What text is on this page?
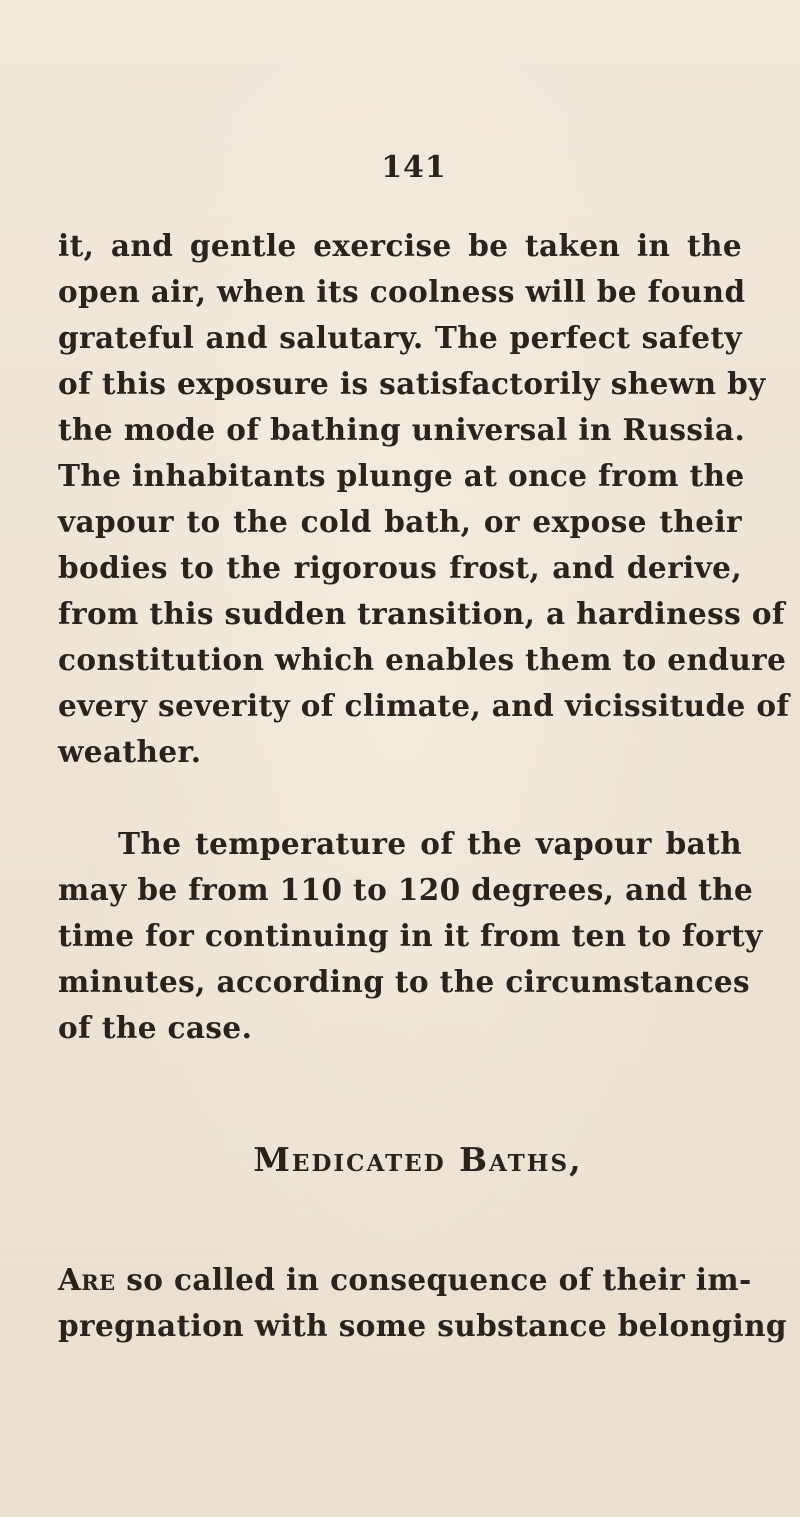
141
it, and gentle exercise be taken in the
open air, when its coolness will be found
grateful and salutary. The perfect safety
of this exposure is satisfactorily shewn by
the mode of bathing universal in Russia.
The inhabitants plunge at once from the
vapour to the cold bath, or expose their
bodies to the rigorous frost, and derive,
from this sudden transition, a hardiness of
constitution which enables them to endure
every severity of climate, and vicissitude of
weather.
The temperature of the vapour bath
may be from 110 to 120 degrees, and the
time for continuing in it from ten to forty
minutes, according to the circumstances
of the case.
Medicated Baths,
Are so called in consequence of their im-
pregnation with some substance belonging
